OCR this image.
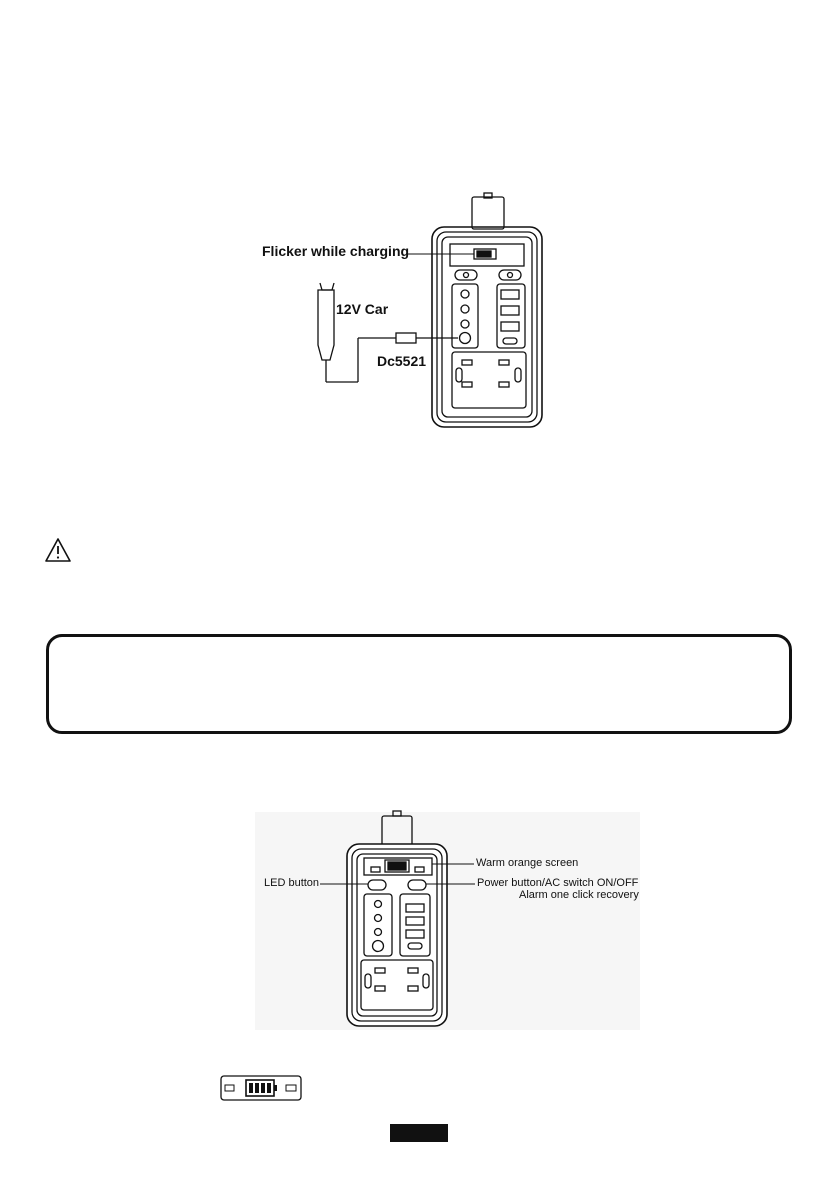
Flicker while charging
12V Car
Dc5521
Warm orange screen
LED button	Power button/AC switch ON/OFF
Alarm one click recovery
